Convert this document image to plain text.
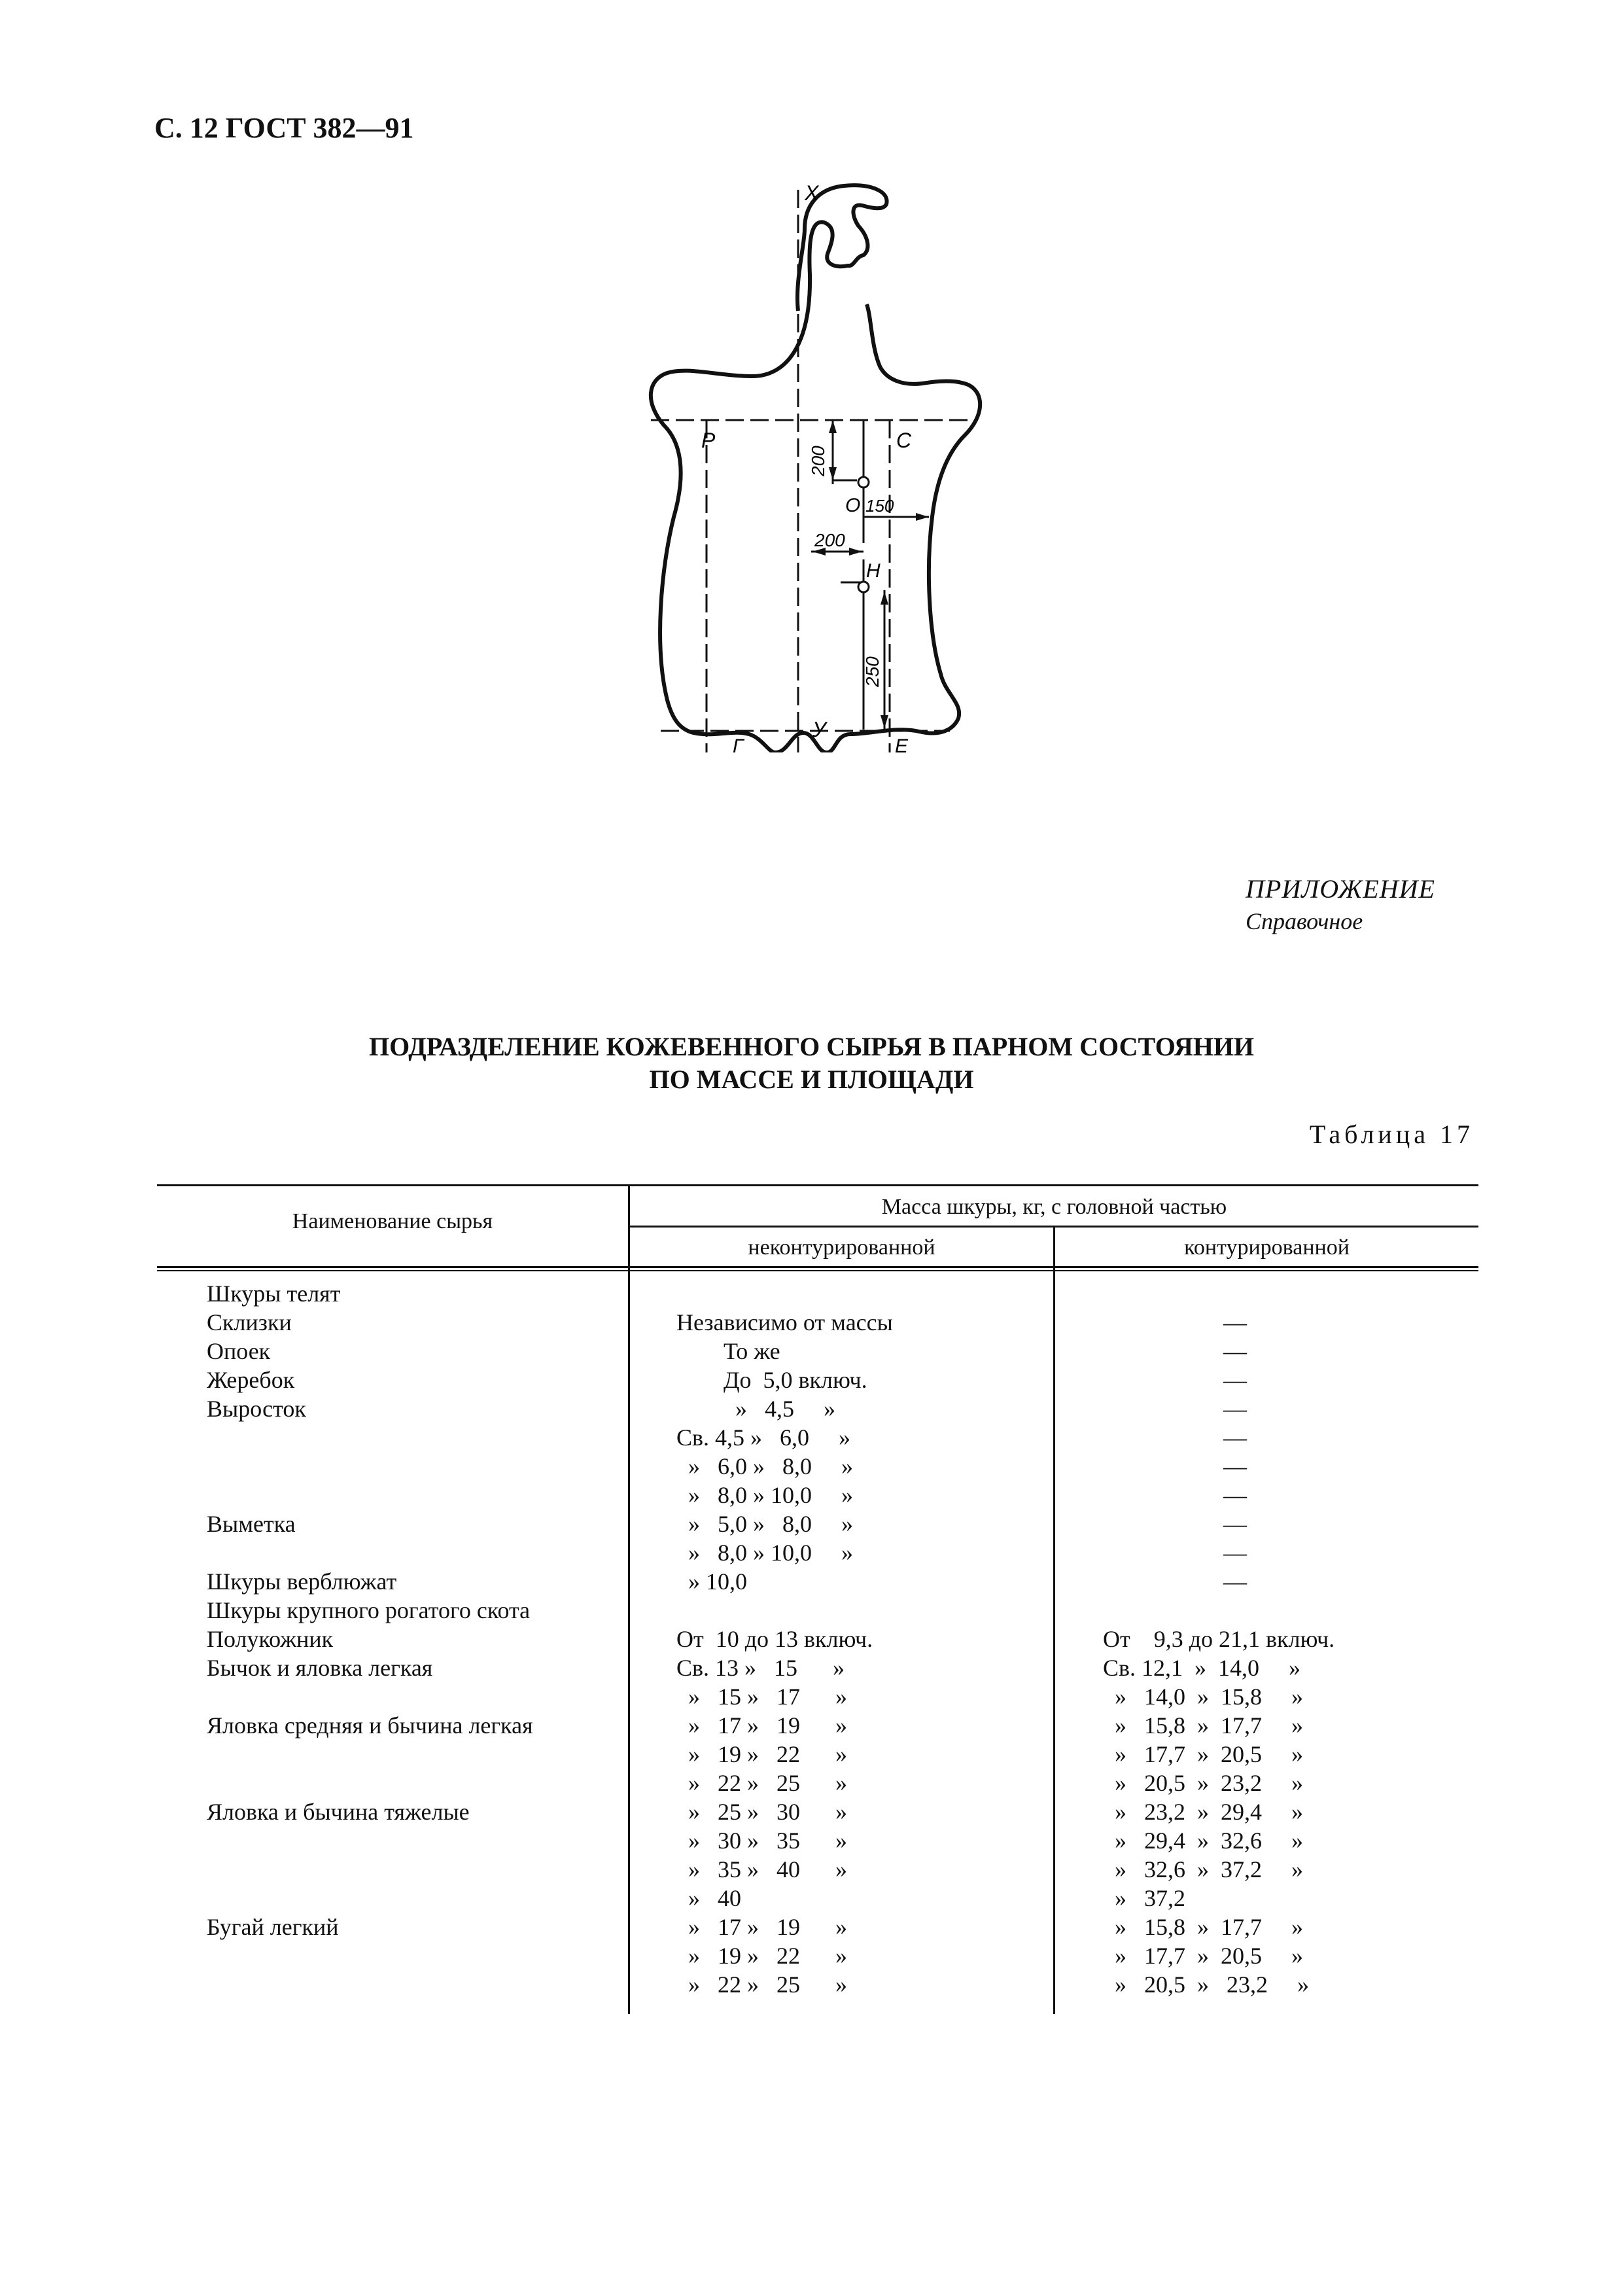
С. 12 ГОСТ 382—91
X
У
Р	С
О
Н
Г	Е
200
150
200
250
ПРИЛОЖЕНИЕ
Справочное
ПОДРАЗДЕЛЕНИЕ КОЖЕВЕННОГО СЫРЬЯ В ПАРНОМ СОСТОЯНИИ
ПО МАССЕ И ПЛОЩАДИ
Таблица 17
Наименование сырья
Масса шкуры, кг, с головной частью
неконтурированной	контурированной
Шкуры телят
Склизки	Независимо от массы	—
Опоек	То же	—
Жеребок	До  5,0 включ.	—
Выросток	»   4,5     »	—
Св. 4,5 »   6,0     »	—
»   6,0 »   8,0     »	—
»   8,0 » 10,0     »	—
Выметка	»   5,0 »   8,0     »	—
»   8,0 » 10,0     »	—
Шкуры верблюжат	» 10,0	—
Шкуры крупного рогатого скота
Полукожник	От  10 до 13 включ.	От    9,3 до 21,1 включ.
Бычок и яловка легкая	Св. 13 »   15      »	Св. 12,1  »  14,0     »
»   15 »   17      »	»   14,0  »  15,8     »
Яловка средняя и бычина легкая	»   17 »   19      »	»   15,8  »  17,7     »
»   19 »   22      »	»   17,7  »  20,5     »
»   22 »   25      »	»   20,5  »  23,2     »
Яловка и бычина тяжелые	»   25 »   30      »	»   23,2  »  29,4     »
»   30 »   35      »	»   29,4  »  32,6     »
»   35 »   40      »	»   32,6  »  37,2     »
»   40	»   37,2
Бугай легкий	»   17 »   19      »	»   15,8  »  17,7     »
»   19 »   22      »	»   17,7  »  20,5     »
»   22 »   25      »	»   20,5  »   23,2     »
